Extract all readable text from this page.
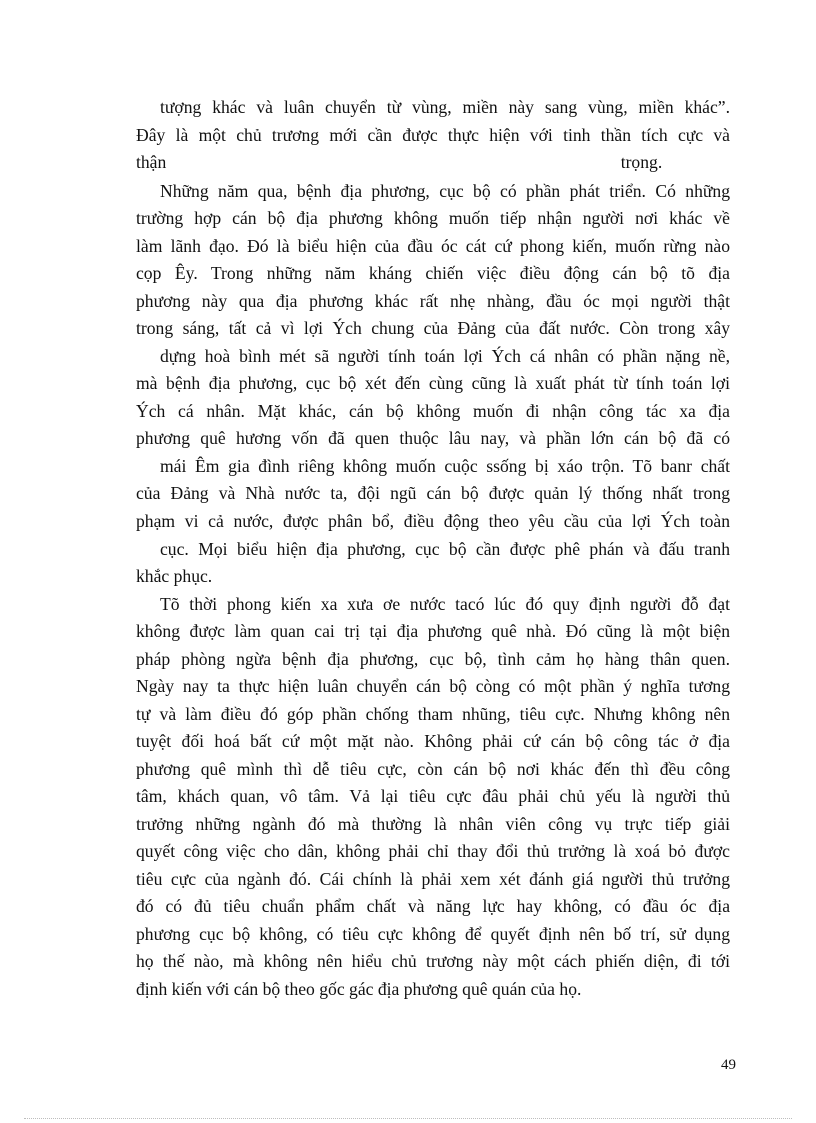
tượng khác và luân chuyển từ vùng, miền này sang vùng, miền khác”.
Đây là một chủ trương mới cần được thực hiện với tinh thần tích cực và
thận trọng.
Những năm qua, bệnh địa phương, cục bộ có phần phát triển. Có những
trường hợp cán bộ địa phương không muốn tiếp nhận người nơi khác về
làm lãnh đạo. Đó là biểu hiện của đầu óc cát cứ phong kiến, muốn rừng nào
cọp Êy. Trong những năm kháng chiến việc điều động cán bộ tõ địa
phương này qua địa phương khác rất nhẹ nhàng, đầu óc mọi người thật
trong sáng, tất cả vì lợi Ých chung của Đảng của đất nước. Còn trong xây
dựng hoà bình mét sã người tính toán lợi Ých cá nhân có phần nặng nề,
mà bệnh địa phương, cục bộ xét đến cùng cũng là xuất phát từ tính toán lợi
Ých cá nhân. Mặt khác, cán bộ không muốn đi nhận công tác xa địa
phương quê hương vốn đã quen thuộc lâu nay, và phần lớn cán bộ đã có
mái Êm gia đình riêng không muốn cuộc ssống bị xáo trộn. Tõ banr chất
của Đảng và Nhà nước ta, đội ngũ cán bộ được quản lý thống nhất trong
phạm vi cả nước, được phân bổ, điều động theo yêu cầu của lợi Ých toàn
cục. Mọi biểu hiện địa phương, cục bộ cần được phê phán và đấu tranh
khắc phục.
Tõ thời phong kiến xa xưa ơe nước tacó lúc đó quy định người đỗ đạt
không được làm quan cai trị tại địa phương quê nhà. Đó cũng là một biện
pháp phòng ngừa bệnh địa phương, cục bộ, tình cảm họ hàng thân quen.
Ngày nay ta thực hiện luân chuyển cán bộ còng có một phần ý nghĩa tương
tự và làm điều đó góp phần chống tham nhũng, tiêu cực. Nhưng không nên
tuyệt đối hoá bất cứ một mặt nào. Không phải cứ cán bộ công tác ở địa
phương quê mình thì dễ tiêu cực, còn cán bộ nơi khác đến thì đều công
tâm, khách quan, vô tâm. Vả lại tiêu cực đâu phải chủ yếu là người thủ
trưởng những ngành đó mà thường là nhân viên công vụ trực tiếp giải
quyết công việc cho dân, không phải chỉ thay đổi thủ trưởng là xoá bỏ được
tiêu cực của ngành đó. Cái chính là phải xem xét đánh giá người thủ trưởng
đó có đủ tiêu chuẩn phẩm chất và năng lực hay không, có đầu óc địa
phương cục bộ không, có tiêu cực không để quyết định nên bố trí, sử dụng
họ thế nào, mà không nên hiểu chủ trương này một cách phiến diện, đi tới
định kiến với cán bộ theo gốc gác địa phương quê quán của họ.
49
